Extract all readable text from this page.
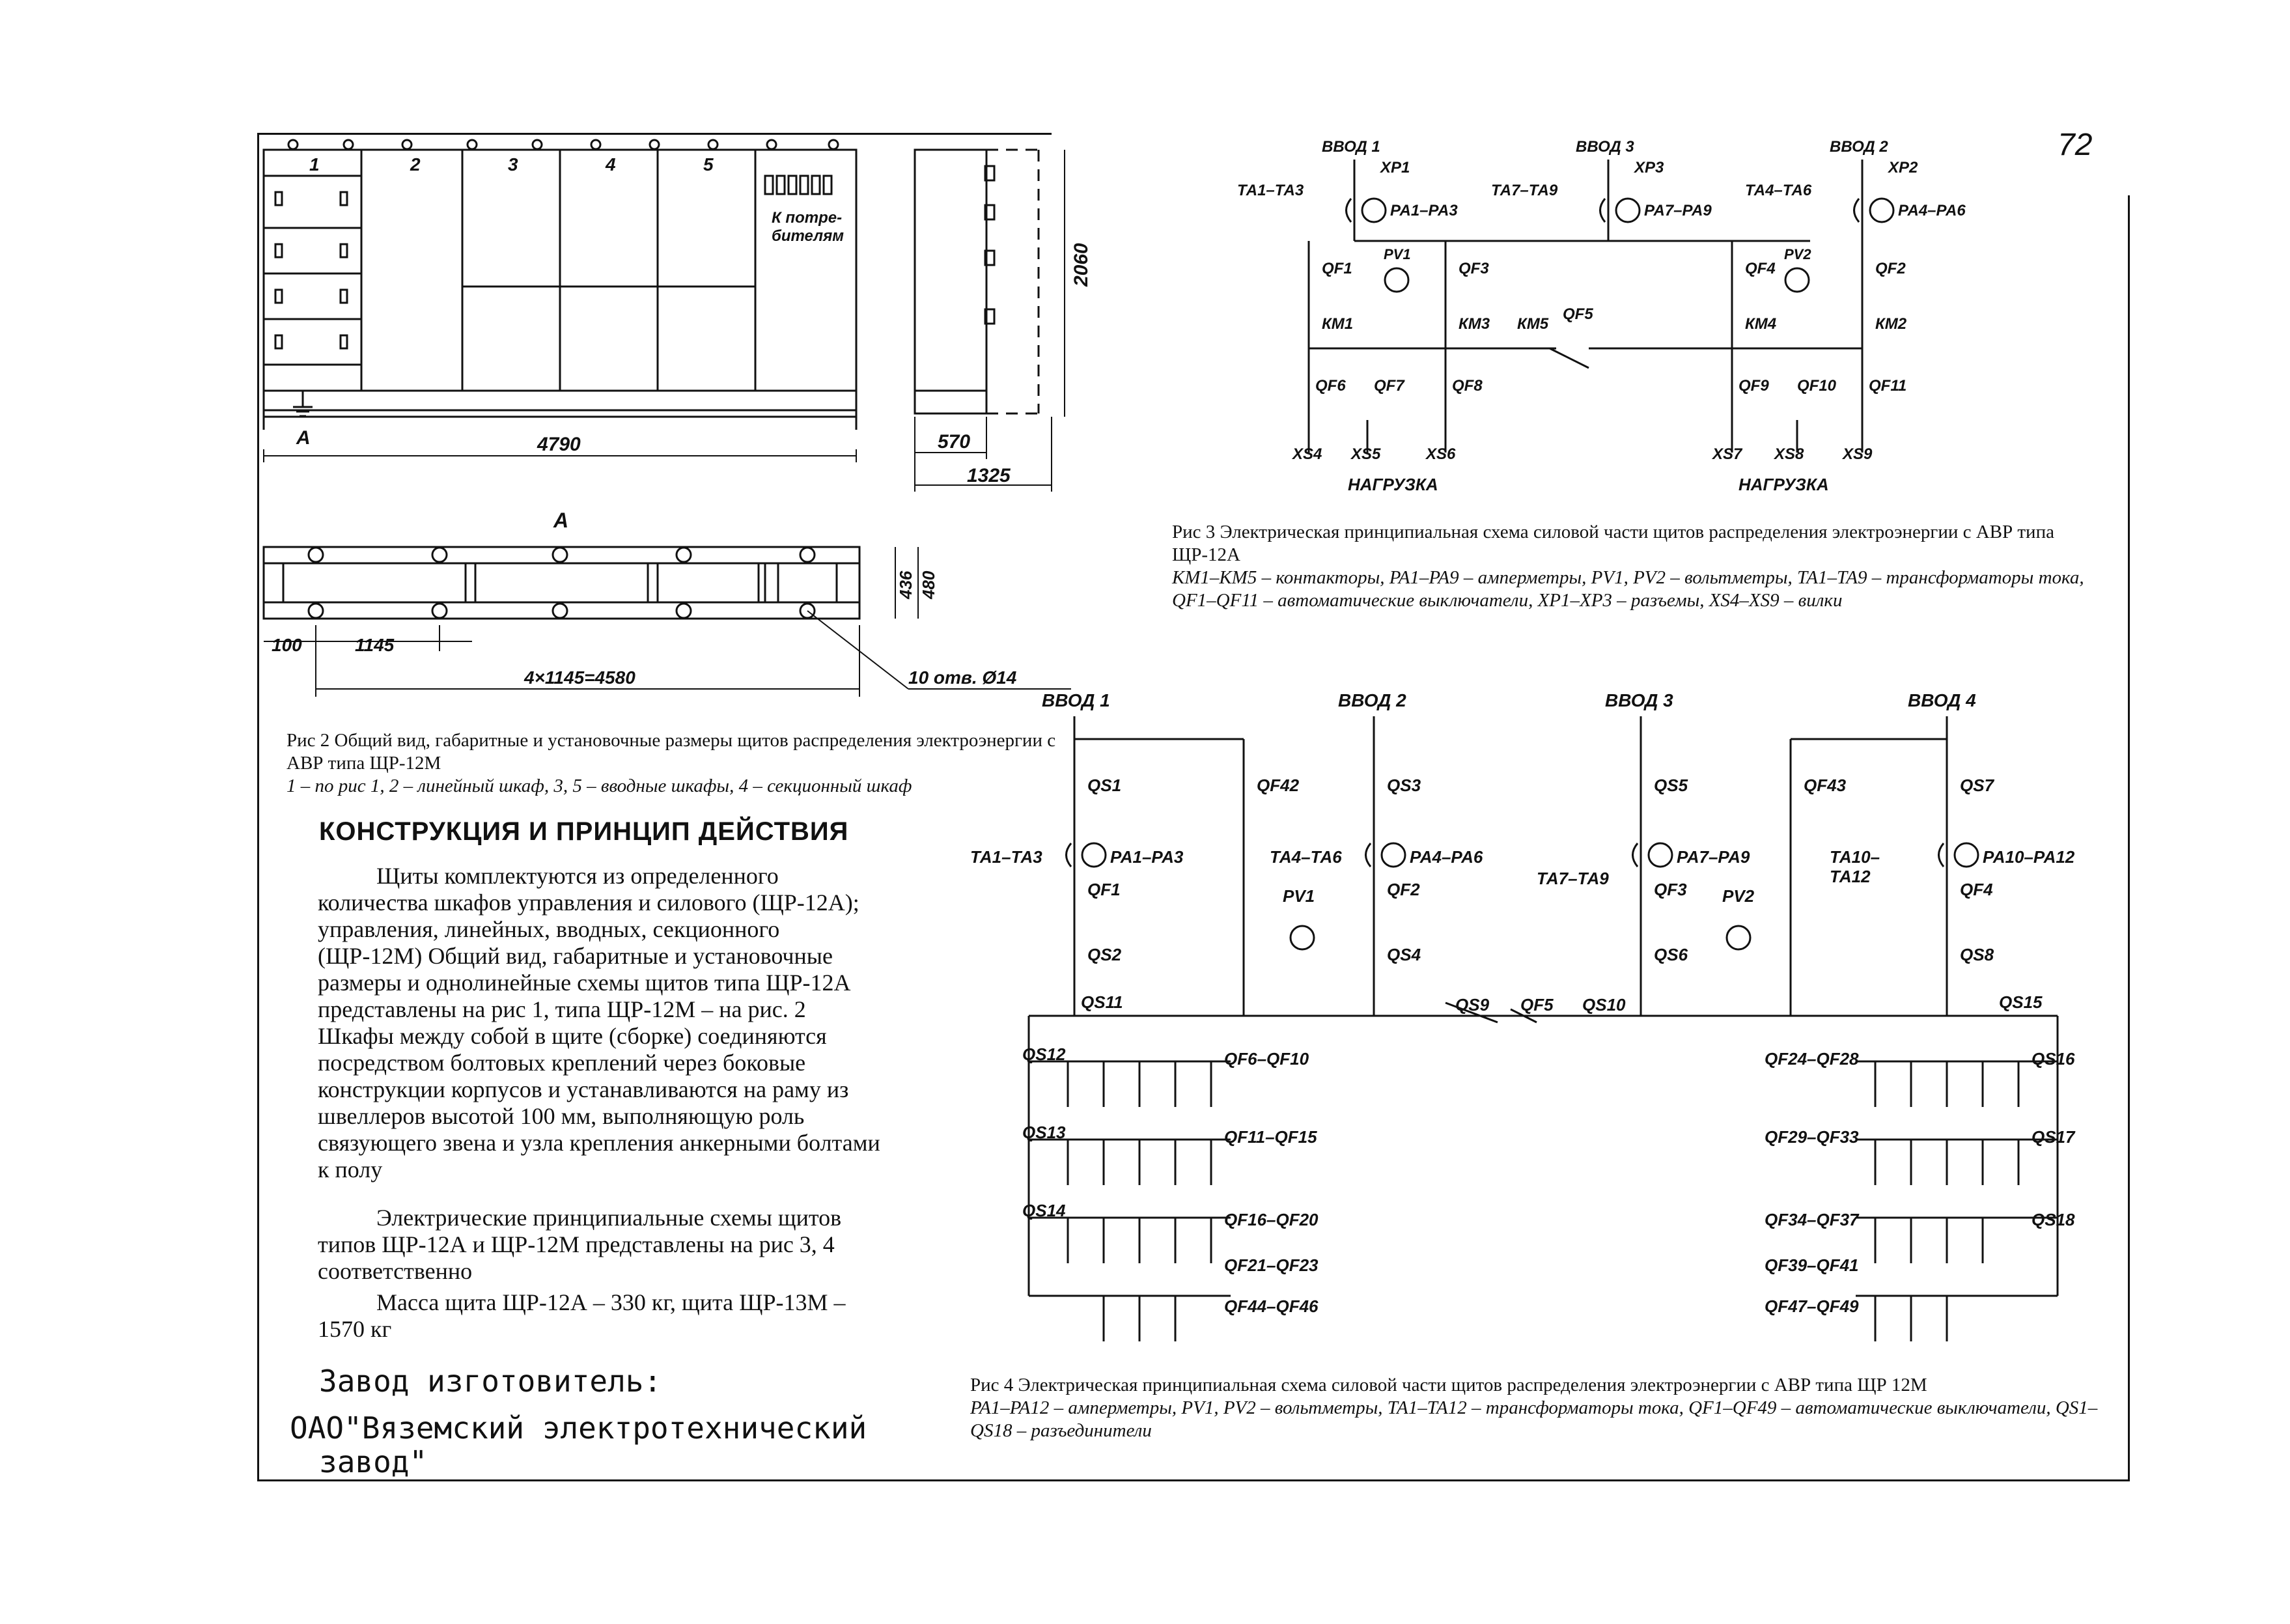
72
1	2	3	4	5
К потре- бителям
4790
А
2060
570
1325
A
436 480
100	1145
4×1145=4580	10 отв. Ø14
Рис 2 Общий вид, габаритные и установочные размеры щитов распределения электроэнергии с АВР типа ЩР-12М
1 – по рис 1, 2 – линейный шкаф, 3, 5 – вводные шкафы, 4 – секционный шкаф
ВВОД 1	ВВОД 3	ВВОД 2
XP1	XP3	XP2
ТА1–ТА3	ТА7–ТА9	ТА4–ТА6
РА1–РА3	РА7–РА9	РА4–РА6
QF1	QF3	QF4	QF2
PV1	PV2
КМ1	КМ3 КМ5
QF5
КМ4	КМ2
QF6 QF7	QF8	QF9 QF10 QF11
XS4 XS5	XS6	XS7 XS8 XS9
НАГРУЗКА	НАГРУЗКА
Рис 3 Электрическая принципиальная схема силовой части щитов распределения электроэнергии с АВР типа ЩР-12А
КМ1–КМ5 – контакторы, PA1–PA9 – амперметры, PV1, PV2 – вольтметры, ТА1–ТА9 – трансформаторы тока, QF1–QF11 – автоматические выключатели, XP1–XP3 – разъемы, XS4–XS9 – вилки
ВВОД 1	ВВОД 2	ВВОД 3	ВВОД 4
QS1	QF42	QS3	QS5	QF43	QS7
ТА1–ТА3	РА1–РА3	ТА4–ТА6	РА4–РА6
ТА7–ТА9
РА7–РА9	ТА10– ТА12
РА10–РА12
QF1	QF2	QF3	QF4
PV1	PV2
QS2	QS4	QS6	QS8
QS9 QF5 QS10
QS11	QS15
QS12
QS13
QS14
QF6–QF10
QF11–QF15
QF16–QF20
QF21–QF23
QF44–QF46
QS16
QS17
QS18
QF24–QF28
QF29–QF33
QF34–QF37
QF39–QF41
QF47–QF49
Рис 4 Электрическая принципиальная схема силовой части щитов распределения электроэнергии с АВР типа ЩР 12М
PA1–PA12 – амперметры, PV1, PV2 – вольтметры, ТА1–ТА12 – трансформаторы тока, QF1–QF49 – автоматические выключатели, QS1–QS18 – разъединители
КОНСТРУКЦИЯ И ПРИНЦИП ДЕЙСТВИЯ
Щиты комплектуются из определенного количества шкафов управления и силового (ЩР-12А); управления, линейных, вводных, секционного (ЩР-12М) Общий вид, габаритные и установочные размеры и однолинейные схемы щитов типа ЩР-12А представлены на рис 1, типа ЩР-12М – на рис. 2 Шкафы между собой в щите (сборке) соединяются посредством болтовых креплений через боковые конструкции корпусов и устанавливаются на раму из швеллеров высотой 100 мм, выполняющую роль связующего звена и узла крепления анкерными болтами к полу
Электрические принципиальные схемы щитов типов ЩР-12А и ЩР-12М представлены на рис 3, 4 соответственно
Масса щита ЩР-12А – 330 кг, щита ЩР-13М – 1570 кг
Завод изготовитель:
ОАО"Вяземский электротехнический
завод"
